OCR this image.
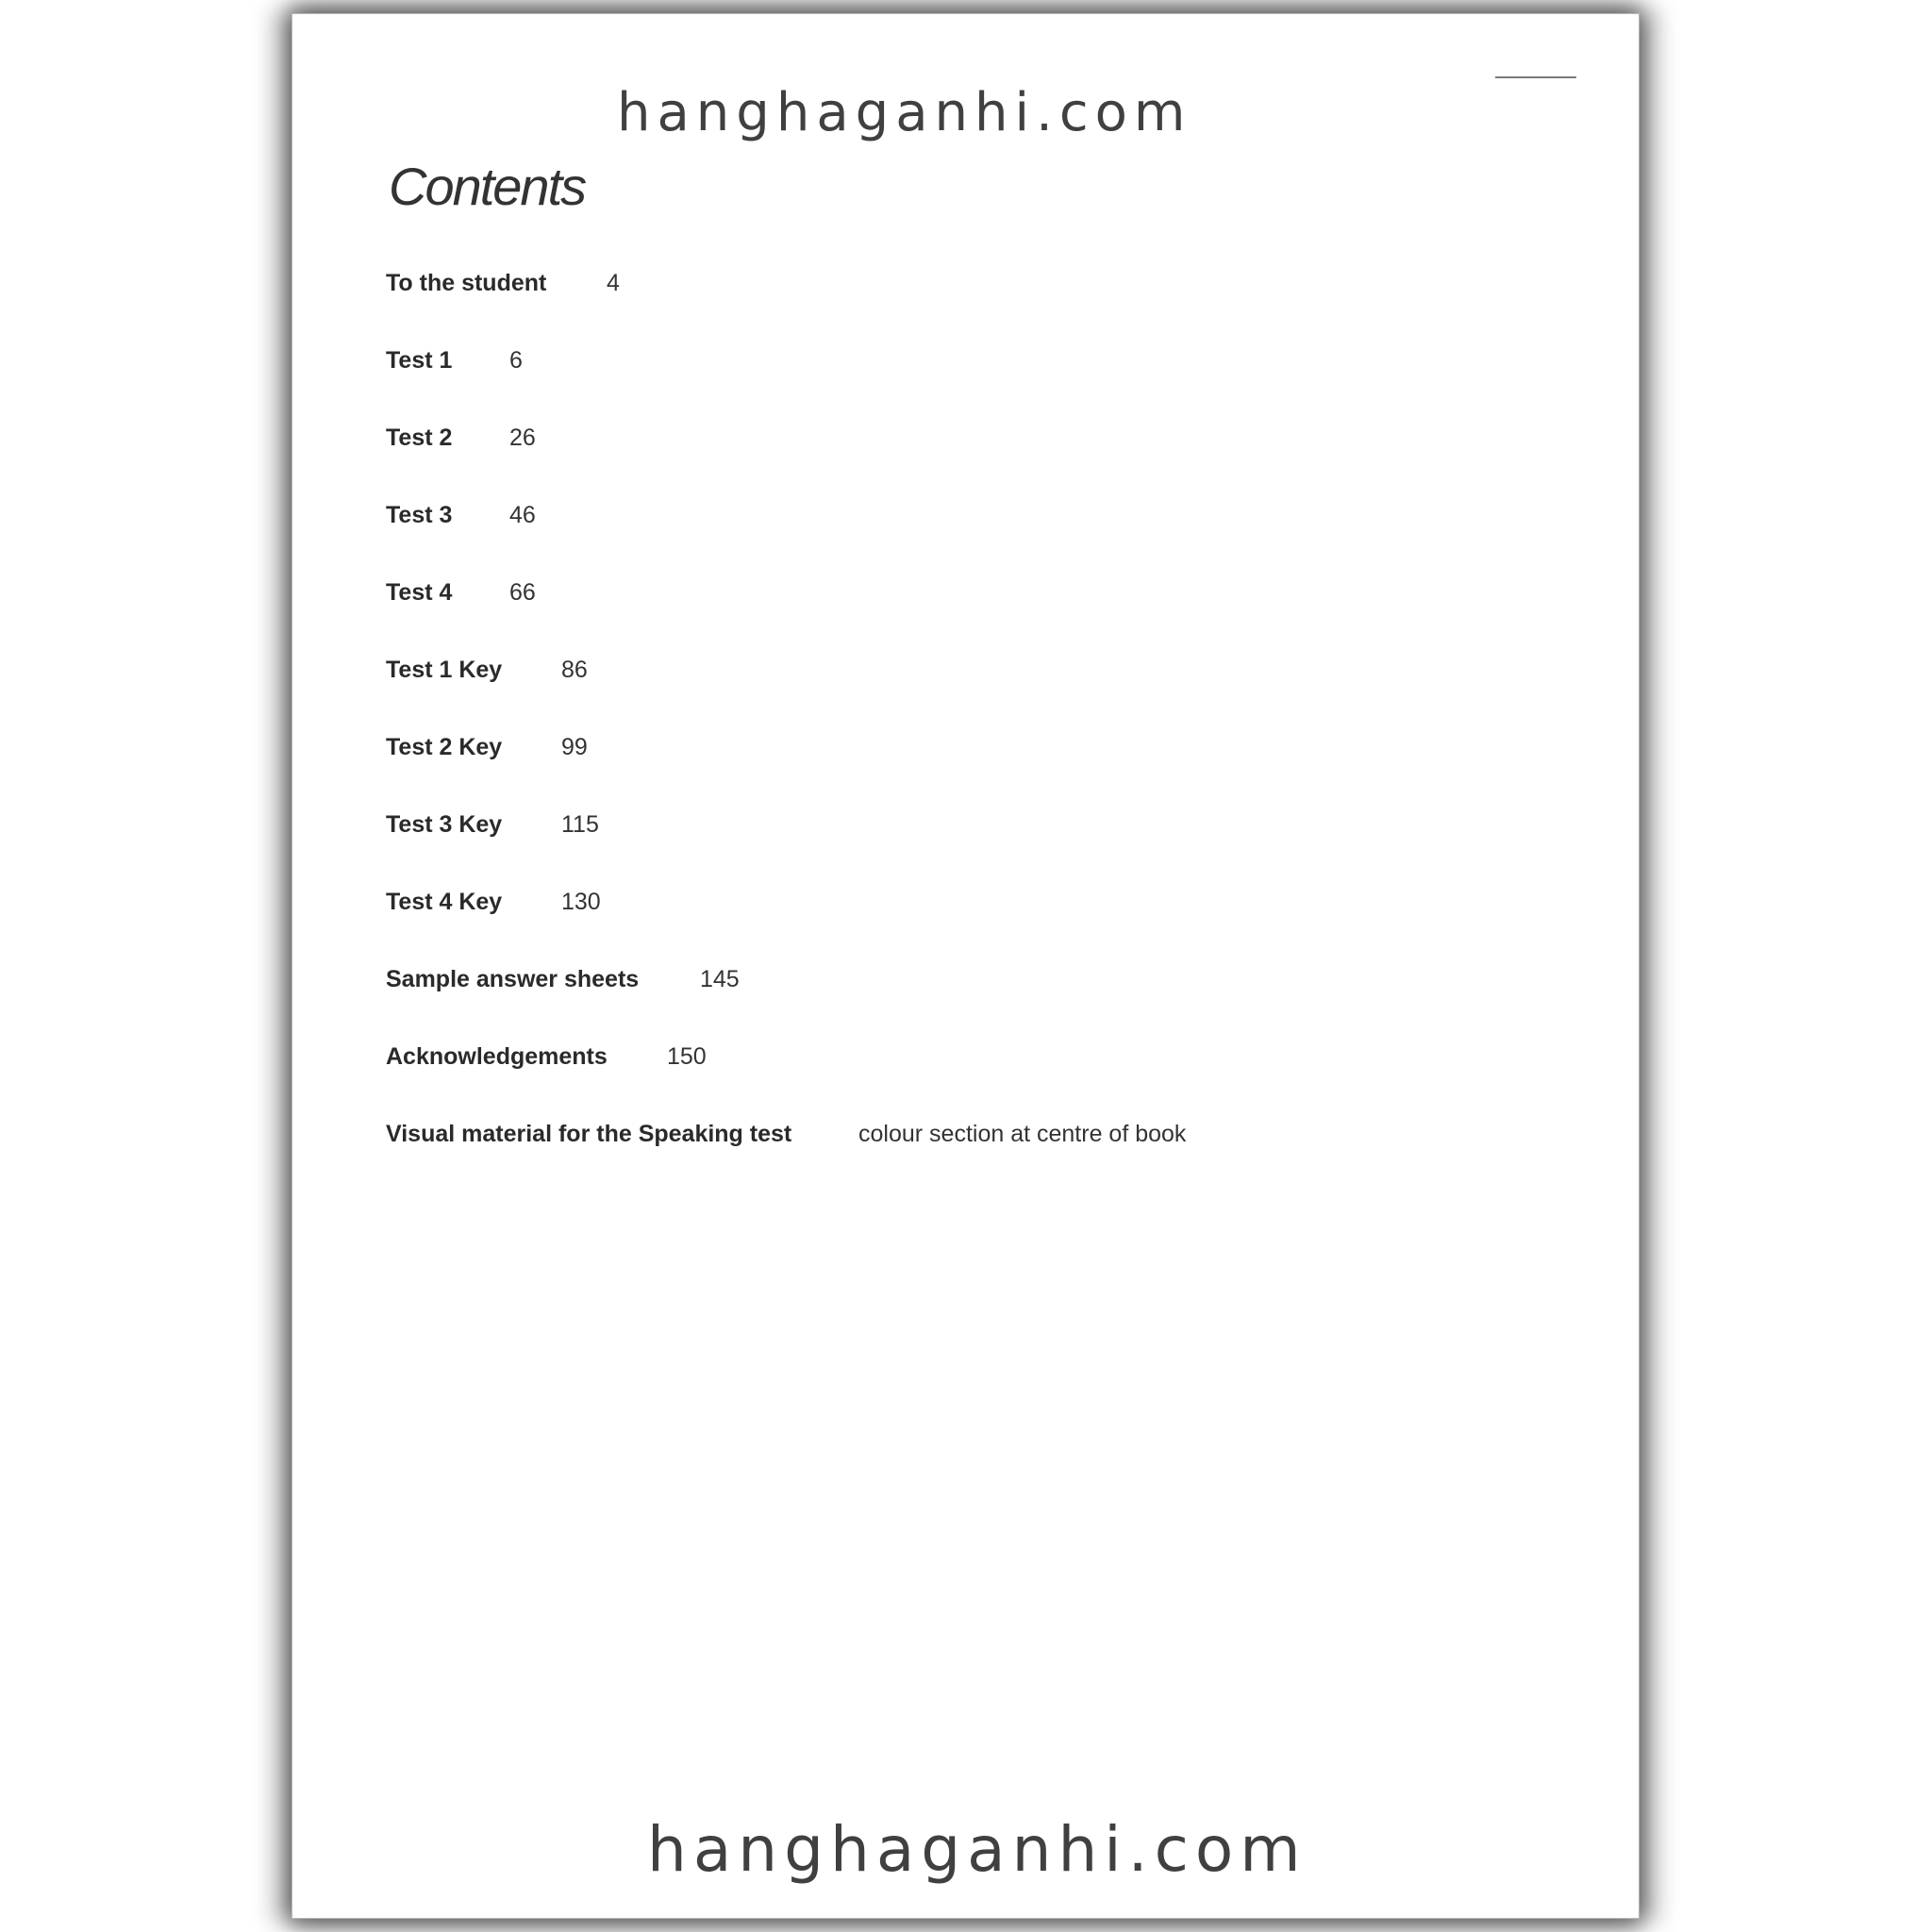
hanghaganhi.com
Contents
To the student	4
Test 1 6
Test 2 26
Test 3 46
Test 4 66
Test 1 Key	86
Test 2 Key	99
Test 3 Key	115
Test 4 Key	130
Sample answer sheets	145
Acknowledgements	150
Visual material for the Speaking test	colour section at centre of book
hanghaganhi.com
